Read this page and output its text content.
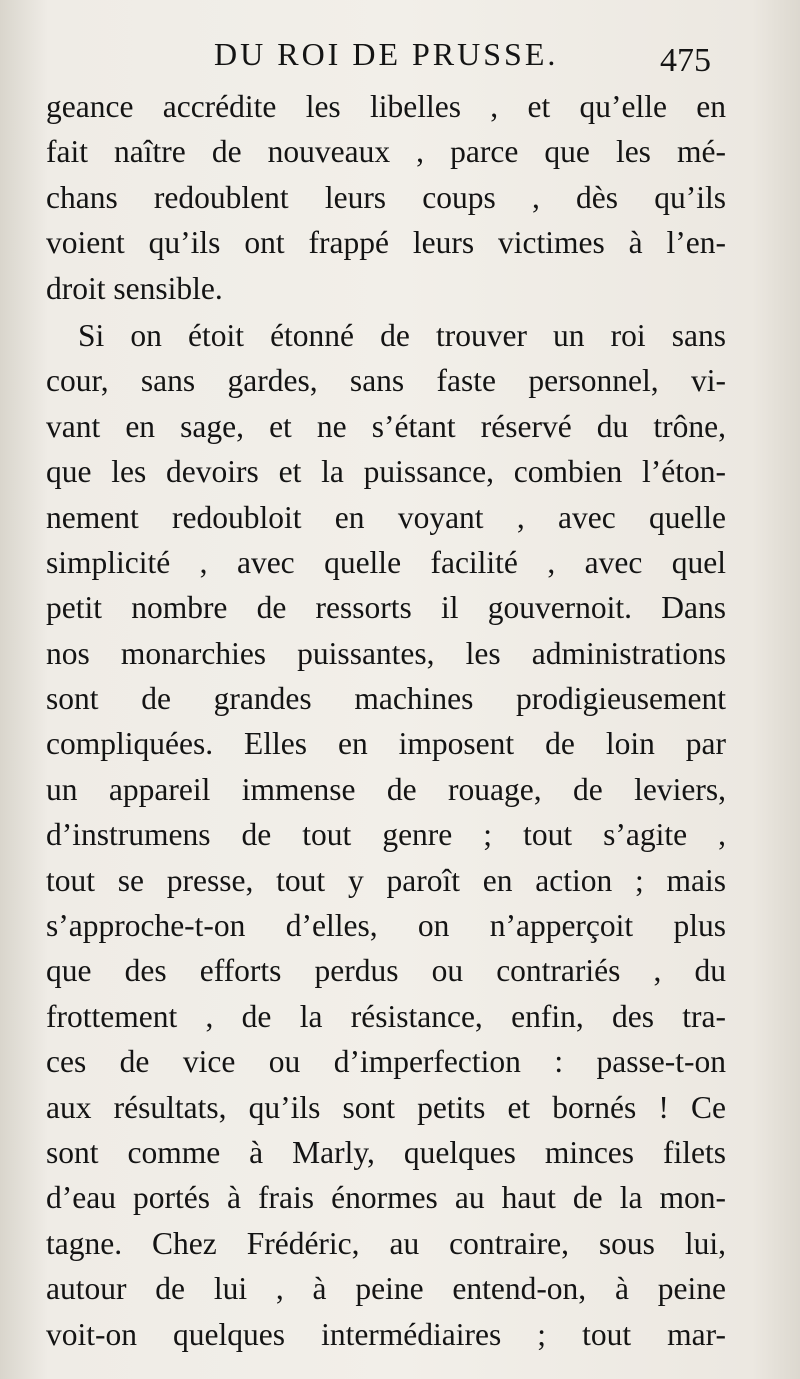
DU ROI DE PRUSSE.	475
geance accrédite les libelles , et qu’elle en
fait naître de nouveaux , parce que les mé-
chans redoublent leurs coups , dès qu’ils
voient qu’ils ont frappé leurs victimes à l’en-
droit sensible.
Si on étoit étonné de trouver un roi sans
cour, sans gardes, sans faste personnel, vi-
vant en sage, et ne s’étant réservé du trône,
que les devoirs et la puissance, combien l’éton-
nement redoubloit en voyant , avec quelle
simplicité , avec quelle facilité , avec quel
petit nombre de ressorts il gouvernoit. Dans
nos monarchies puissantes, les administrations
sont de grandes machines prodigieusement
compliquées. Elles en imposent de loin par
un appareil immense de rouage, de leviers,
d’instrumens de tout genre ; tout s’agite ,
tout se presse, tout y paroît en action ; mais
s’approche-t-on d’elles, on n’apperçoit plus
que des efforts perdus ou contrariés , du
frottement , de la résistance, enfin, des tra-
ces de vice ou d’imperfection : passe-t-on
aux résultats, qu’ils sont petits et bornés ! Ce
sont comme à Marly, quelques minces filets
d’eau portés à frais énormes au haut de la mon-
tagne. Chez Frédéric, au contraire, sous lui,
autour de lui , à peine entend-on, à peine
voit-on quelques intermédiaires ; tout mar-
